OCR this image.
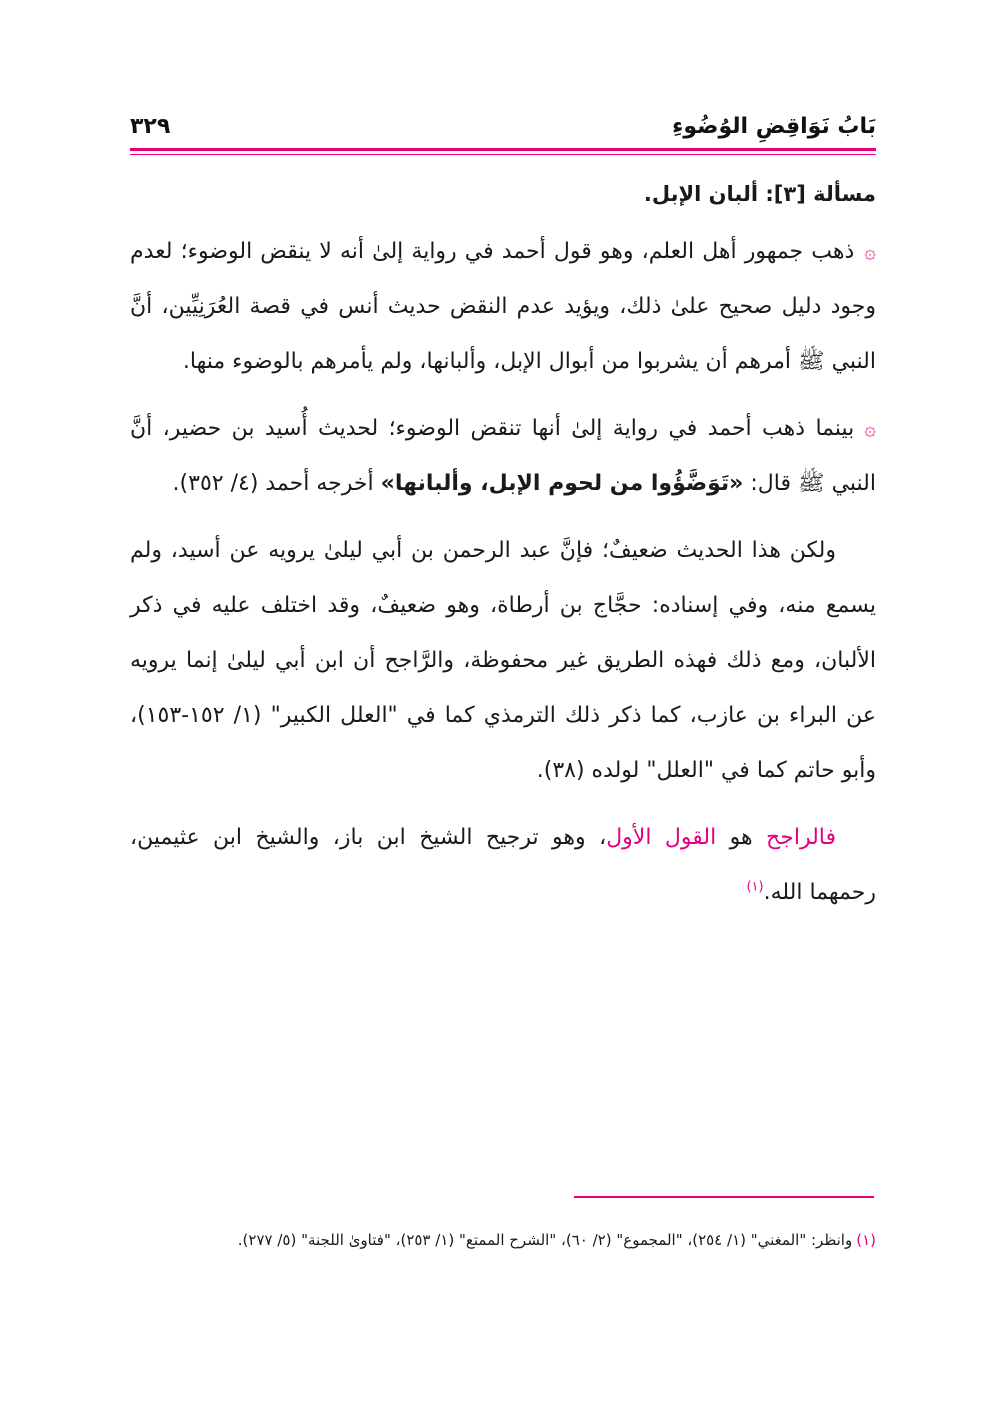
بَابُ نَوَاقِضِ الوُضُوءِ
٣٢٩
مسألة [٣]: ألبان الإبل.

۞ذهب جمهور أهل العلم، وهو قول أحمد في رواية إلىٰ أنه لا ينقض الوضوء؛ لعدم وجود دليل صحيح علىٰ ذلك، ويؤيد عدم النقض حديث أنس في قصة العُرَنِيِّين، أنَّ النبي ﷺ أمرهم أن يشربوا من أبوال الإبل، وألبانها، ولم يأمرهم بالوضوء منها.

۞بينما ذهب أحمد في رواية إلىٰ أنها تنقض الوضوء؛ لحديث أُسيد بن حضير، أنَّ النبي ﷺ قال: «تَوَضَّؤُوا من لحوم الإبل، وألبانها» أخرجه أحمد (٤/ ٣٥٢).

ولكن هذا الحديث ضعيفٌ؛ فإنَّ عبد الرحمن بن أبي ليلىٰ يرويه عن أسيد، ولم يسمع منه، وفي إسناده: حجَّاج بن أرطاة، وهو ضعيفٌ، وقد اختلف عليه في ذكر الألبان، ومع ذلك فهذه الطريق غير محفوظة، والرَّاجح أن ابن أبي ليلىٰ إنما يرويه عن البراء بن عازب، كما ذكر ذلك الترمذي كما في "العلل الكبير" (١/ ١٥٢-١٥٣)، وأبو حاتم كما في "العلل" لولده (٣٨).

فالراجح هو القول الأول، وهو ترجيح الشيخ ابن باز، والشيخ ابن عثيمين، رحمهما الله.$^{(١)}$

(١)وانظر: "المغني" (١/ ٢٥٤)، "المجموع" (٢/ ٦٠)، "الشرح الممتع" (١/ ٢٥٣)، "فتاوىٰ اللجنة" (٥/ ٢٧٧).
